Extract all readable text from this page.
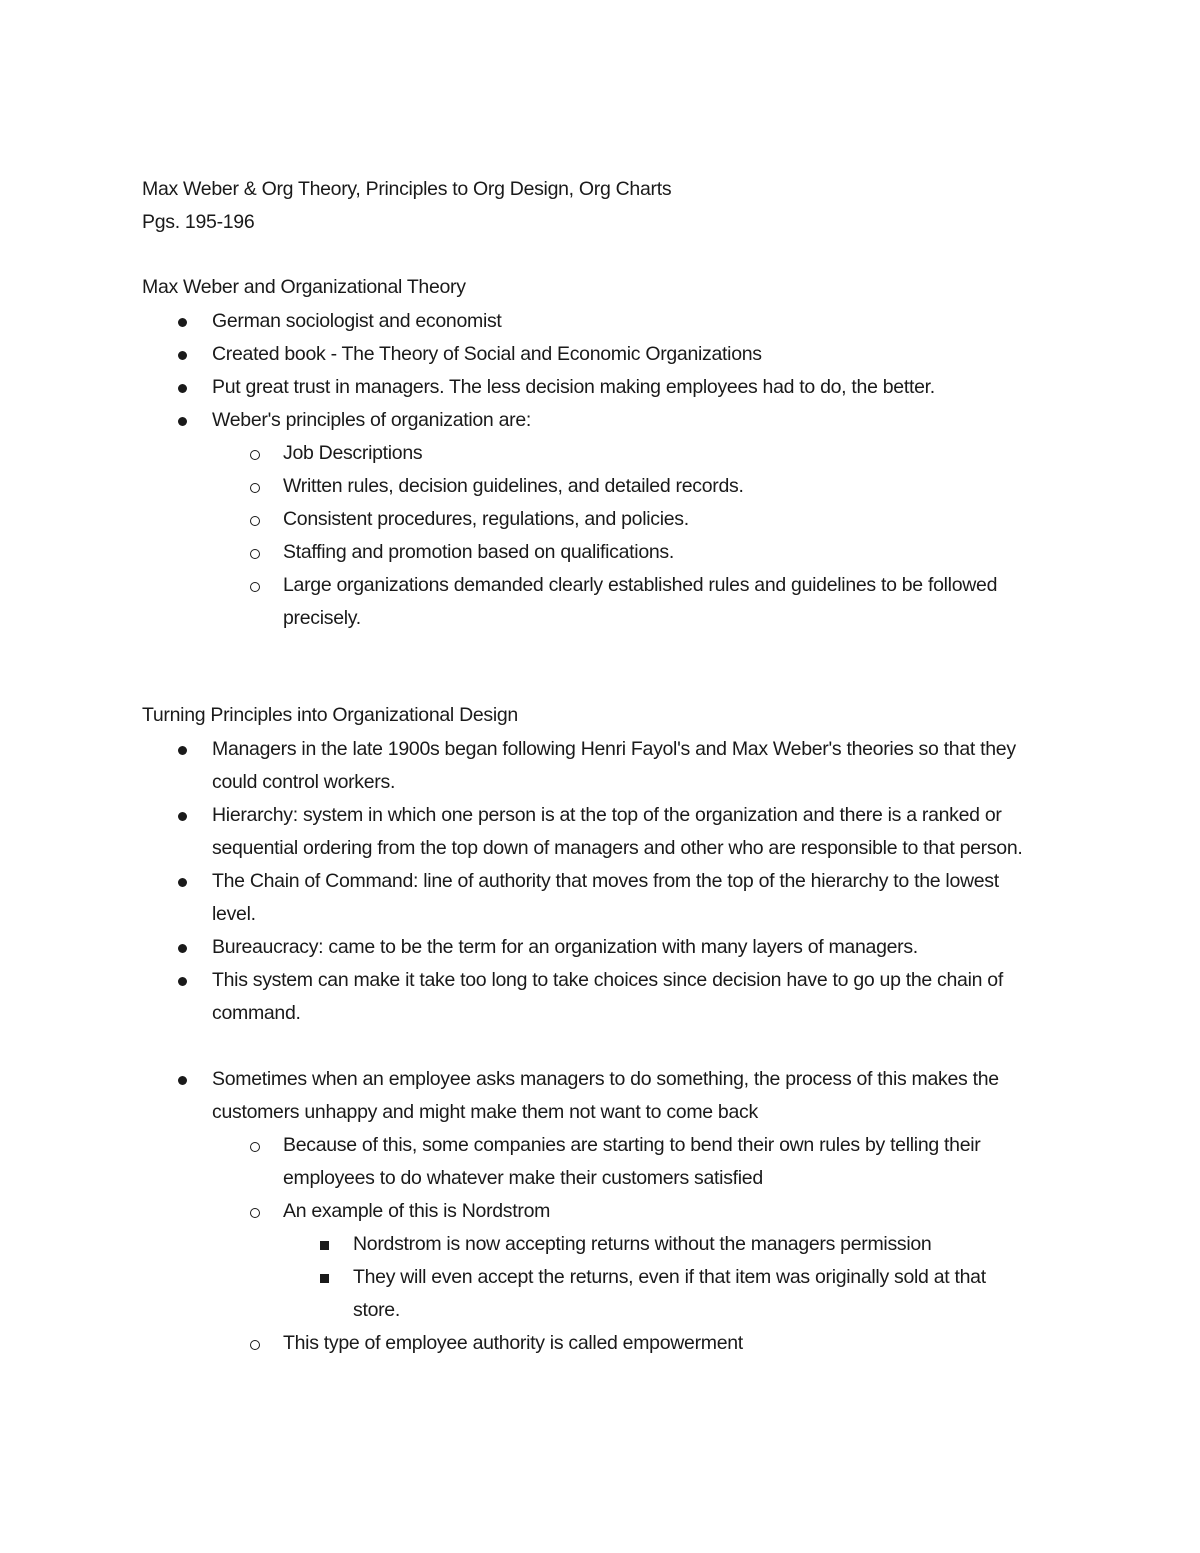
Max Weber & Org Theory, Principles to Org Design, Org Charts
Pgs. 195-196
Max Weber and Organizational Theory
German sociologist and economist
Created book - The Theory of Social and Economic Organizations
Put great trust in managers. The less decision making employees had to do, the better.
Weber's principles of organization are:
Job Descriptions
Written rules, decision guidelines, and detailed records.
Consistent procedures, regulations, and policies.
Staffing and promotion based on qualifications.
Large organizations demanded clearly established rules and guidelines to be followed
precisely.
Turning Principles into Organizational Design
Managers in the late 1900s began following Henri Fayol's and Max Weber's theories so that they
could control workers.
Hierarchy: system in which one person is at the top of the organization and there is a ranked or
sequential ordering from the top down of managers and other who are responsible to that person.
The Chain of Command: line of authority that moves from the top of the hierarchy to the lowest
level.
Bureaucracy: came to be the term for an organization with many layers of managers.
This system can make it take too long to take choices since decision have to go up the chain of
command.
Sometimes when an employee asks managers to do something, the process of this makes the
customers unhappy and might make them not want to come back
Because of this, some companies are starting to bend their own rules by telling their
employees to do whatever make their customers satisfied
An example of this is Nordstrom
Nordstrom is now accepting returns without the managers permission
They will even accept the returns, even if that item was originally sold at that
store.
This type of employee authority is called empowerment
